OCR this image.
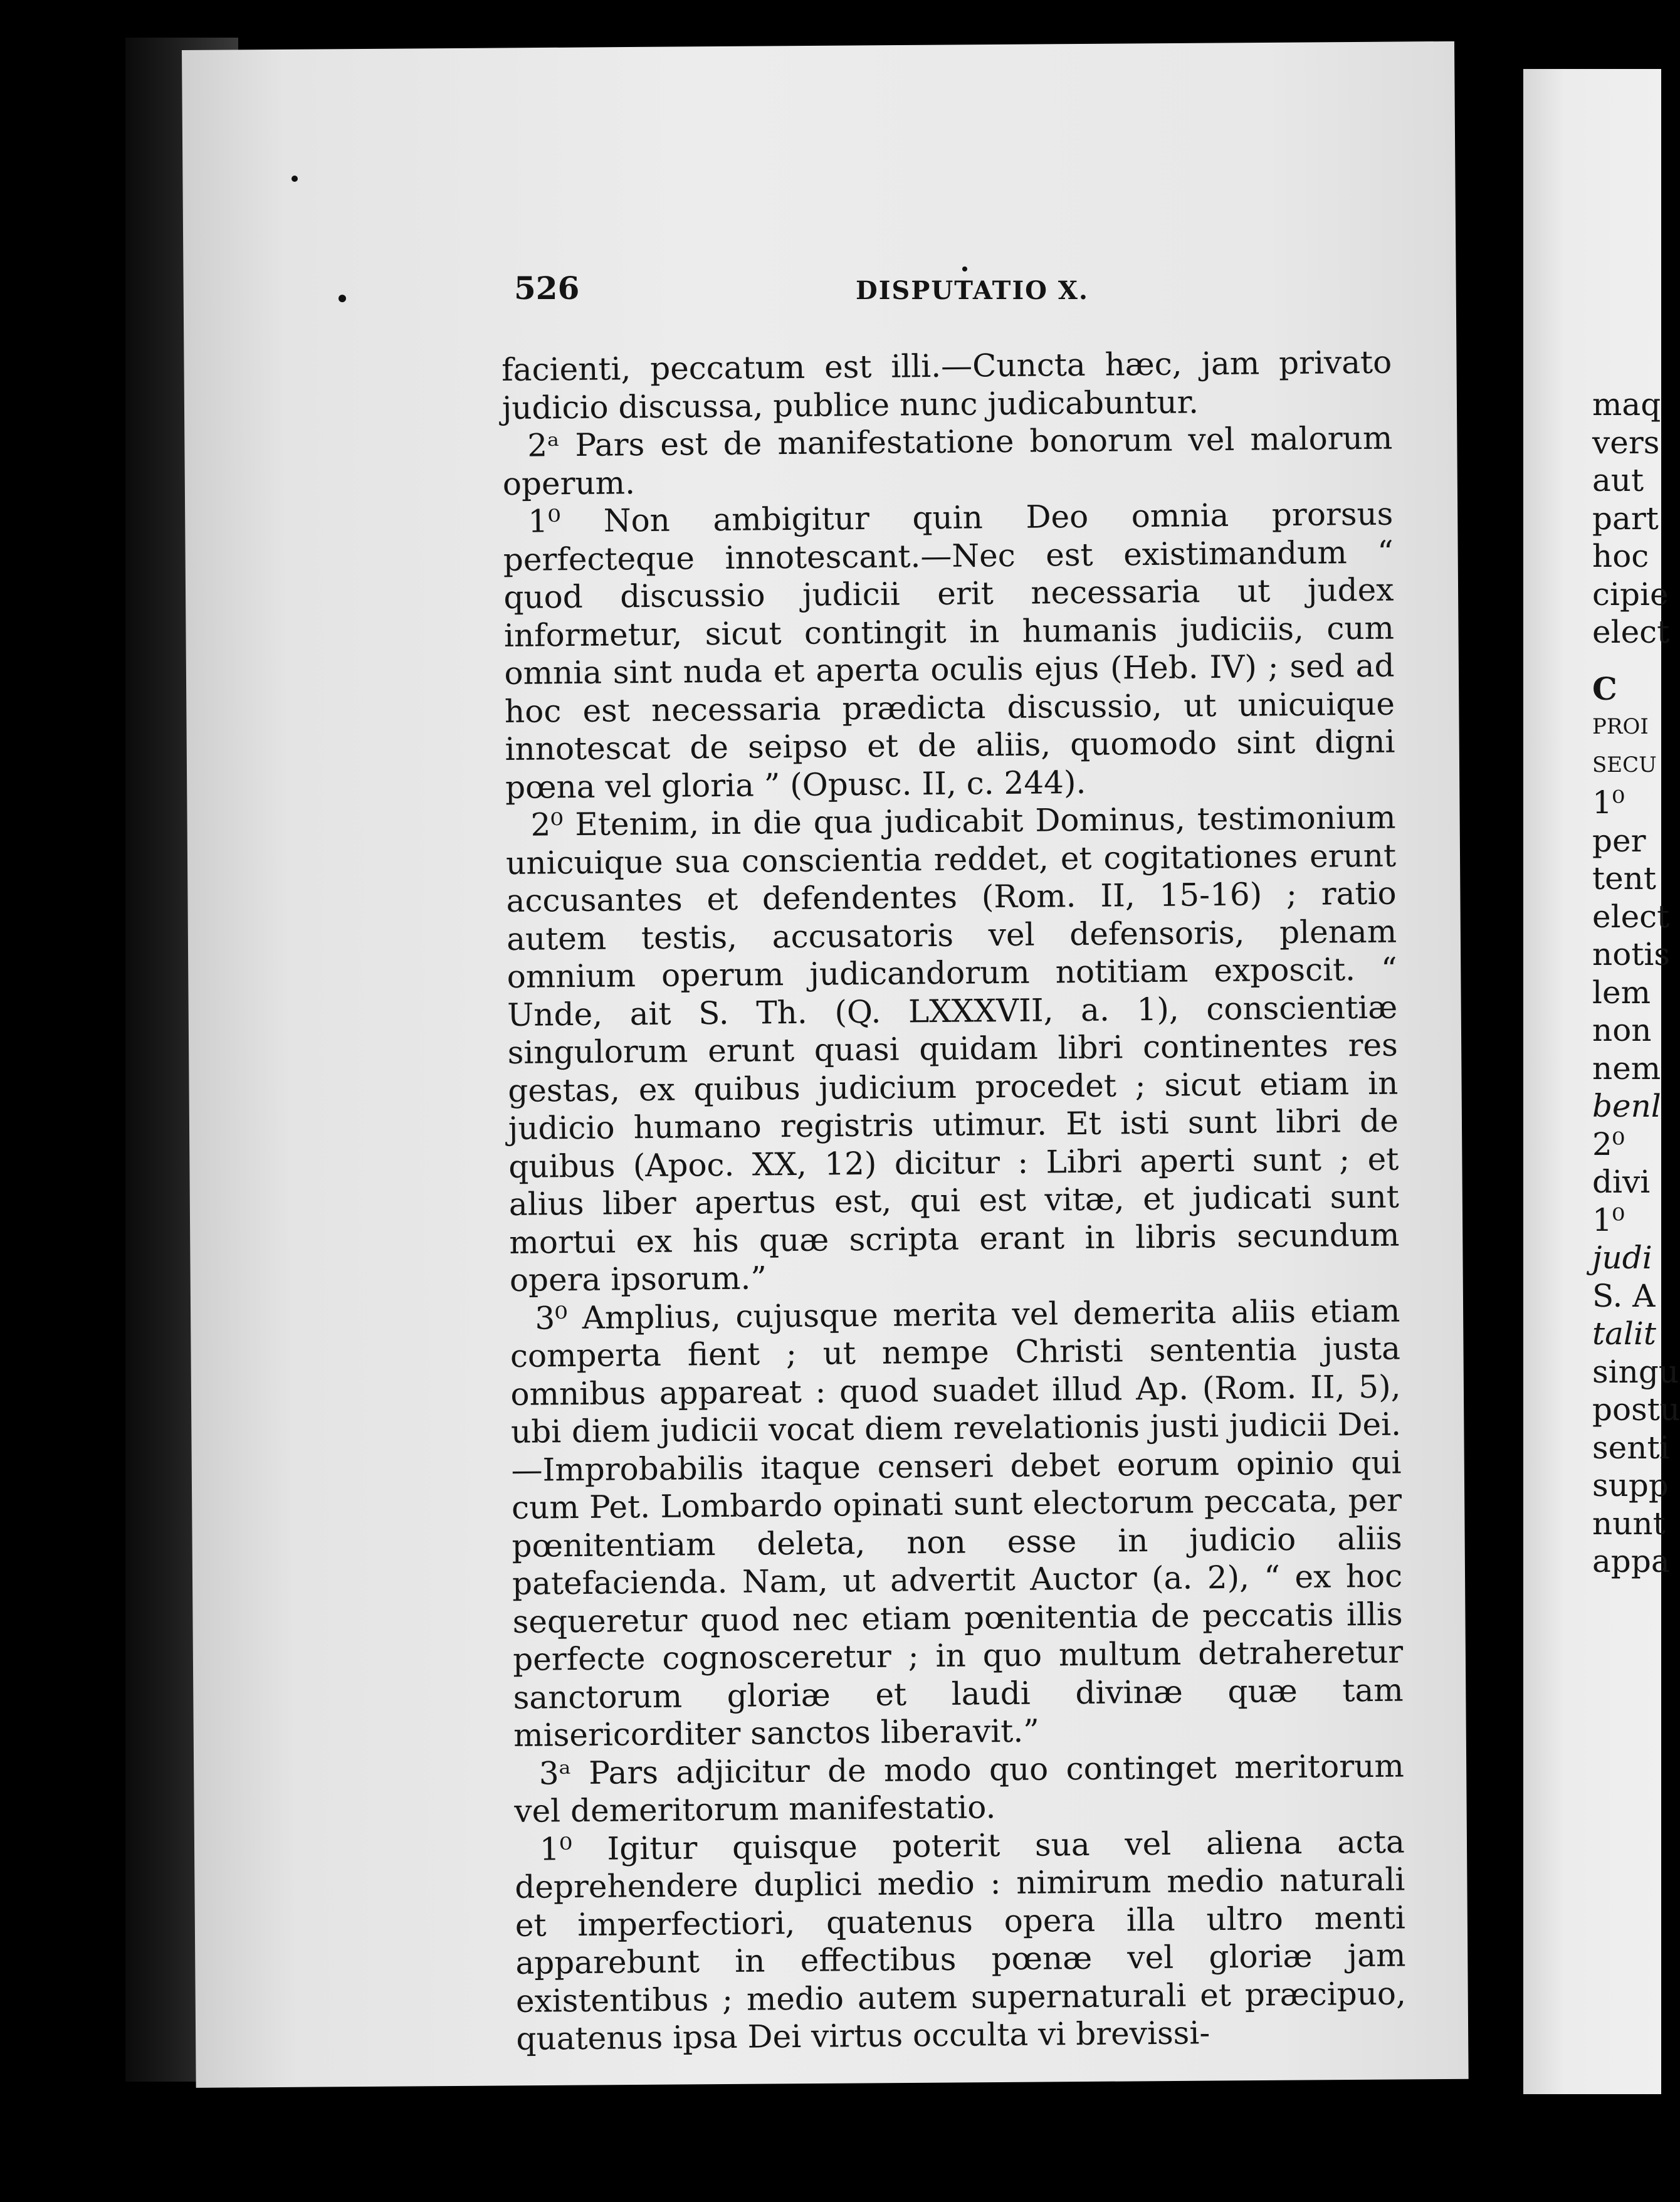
526	DISPUTATIO X.

facienti, peccatum est illi.—Cuncta hæc, jam privato judicio discussa, publice nunc judicabuntur.

2ᵃ Pars est de manifestatione bonorum vel malorum operum.

1⁰ Non ambigitur quin Deo omnia prorsus perfecteque innotescant.—Nec est existimandum “ quod discussio judicii erit necessaria ut judex informetur, sicut contingit in humanis judiciis, cum omnia sint nuda et aperta oculis ejus (Heb. IV) ; sed ad hoc est necessaria prædicta discussio, ut unicuique innotescat de seipso et de aliis, quomodo sint digni pœna vel gloria ” (Opusc. II, c. 244).

2⁰ Etenim, in die qua judicabit Dominus, testimonium unicuique sua conscientia reddet, et cogitationes erunt accusantes et defendentes (Rom. II, 15-16) ; ratio autem testis, accusatoris vel defensoris, plenam omnium operum judicandorum notitiam exposcit. “ Unde, ait S. Th. (Q. LXXXVII, a. 1), conscientiæ singulorum erunt quasi quidam libri continentes res gestas, ex quibus judicium procedet ; sicut etiam in judicio humano registris utimur. Et isti sunt libri de quibus (Apoc. XX, 12) dicitur : Libri aperti sunt ; et alius liber apertus est, qui est vitæ, et judicati sunt mortui ex his quæ scripta erant in libris secundum opera ipsorum.”

3⁰ Amplius, cujusque merita vel demerita aliis etiam comperta fient ; ut nempe Christi sententia justa omnibus appareat : quod suadet illud Ap. (Rom. II, 5), ubi diem judicii vocat diem revelationis justi judicii Dei.—Improbabilis itaque censeri debet eorum opinio qui cum Pet. Lombardo opinati sunt electorum peccata, per pœnitentiam deleta, non esse in judicio aliis patefacienda. Nam, ut advertit Auctor (a. 2), “ ex hoc sequeretur quod nec etiam pœnitentia de peccatis illis perfecte cognosceretur ; in quo multum detraheretur sanctorum gloriæ et laudi divinæ quæ tam misericorditer sanctos liberavit.”

3ᵃ Pars adjicitur de modo quo continget meritorum vel demeritorum manifestatio.

1⁰ Igitur quisque poterit sua vel aliena acta deprehendere duplici medio : nimirum medio naturali et imperfectiori, quatenus opera illa ultro menti apparebunt in effectibus pœnæ vel gloriæ jam existentibus ; medio autem supernaturali et præcipuo, quatenus ipsa Dei virtus occulta vi brevissi-

maq
vers
aut
part
hoc
cipie
elect
C
PROI
SECU
1⁰
per
tent
elect
notis
lem
non
nem
benl
2⁰
divi
1⁰
judi
S. A
talit
singu
postu
senti
supp
nunt
appa
